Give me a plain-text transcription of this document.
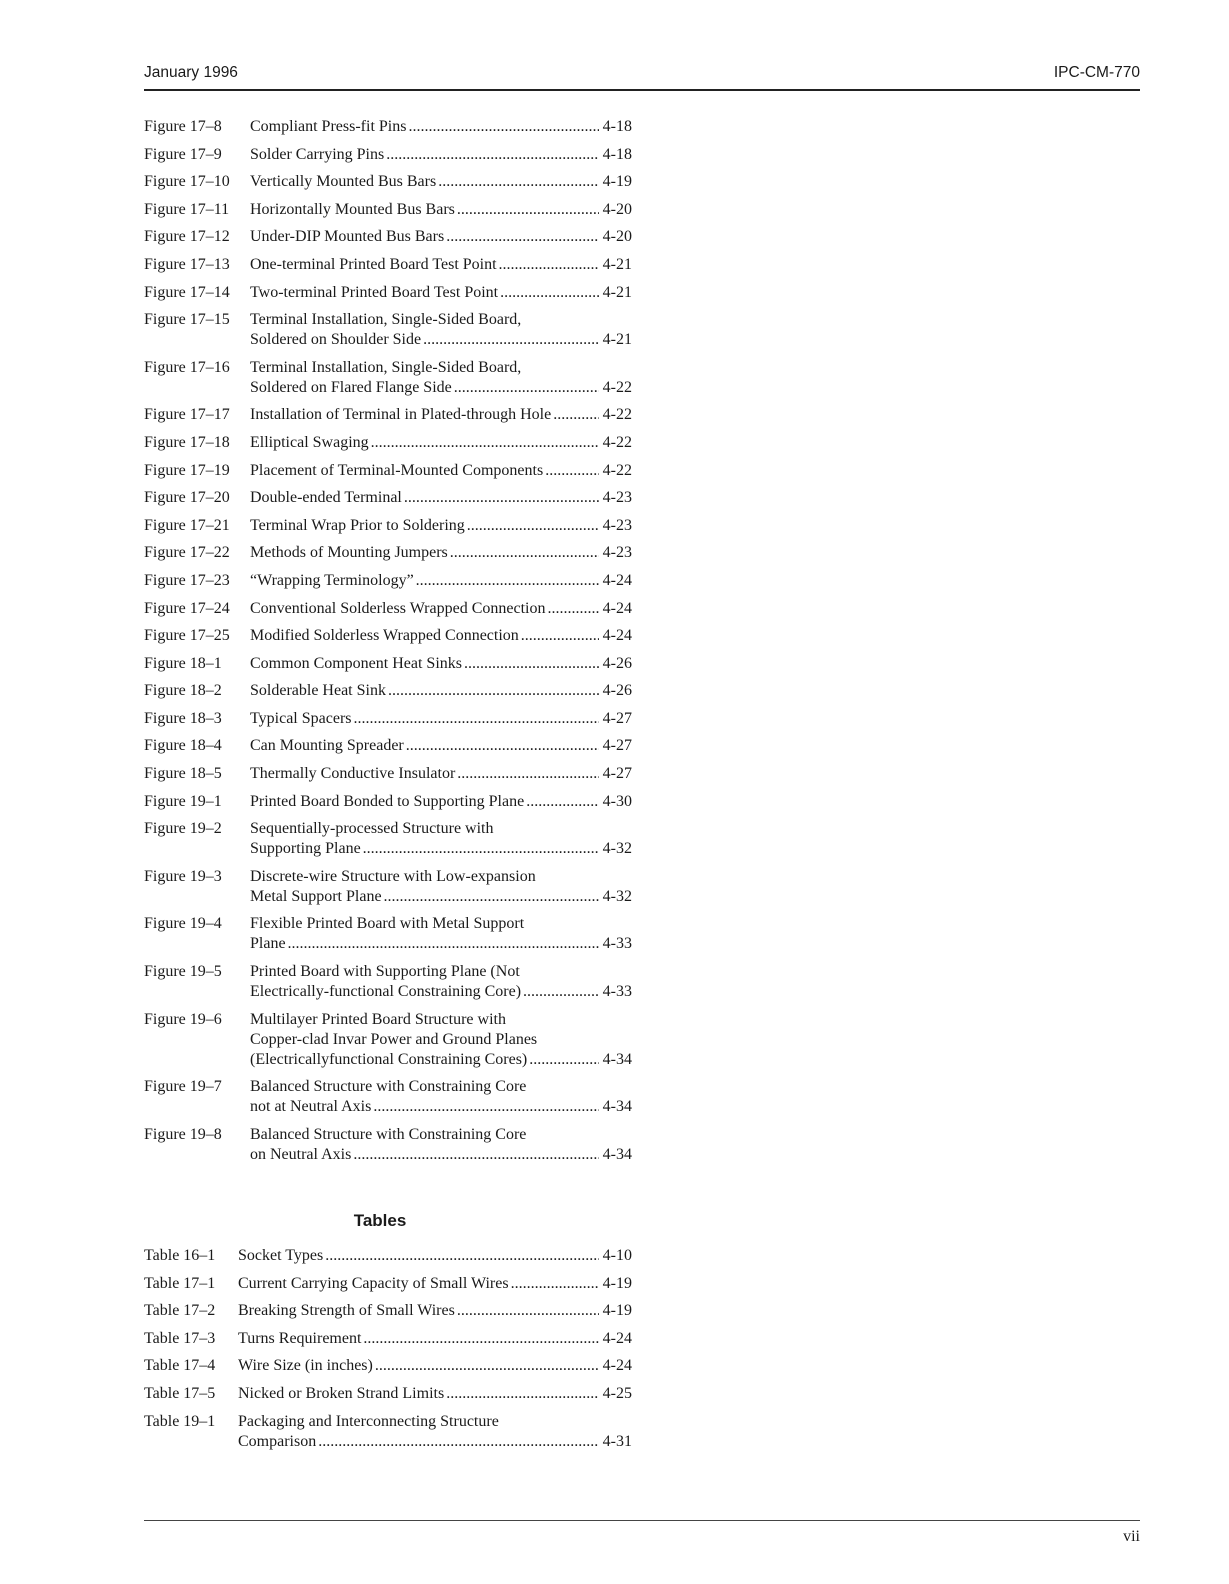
January 1996	IPC-CM-770
Figure 17–8	Compliant Press-fit Pins .....	4-18
Figure 17–9	Solder Carrying Pins .....	4-18
Figure 17–10	Vertically Mounted Bus Bars .....	4-19
Figure 17–11	Horizontally Mounted Bus Bars .....	4-20
Figure 17–12	Under-DIP Mounted Bus Bars .....	4-20
Figure 17–13	One-terminal Printed Board Test Point .....	4-21
Figure 17–14	Two-terminal Printed Board Test Point .....	4-21
Figure 17–15	Terminal Installation, Single-Sided Board,
Soldered on Shoulder Side .....	4-21
Figure 17–16	Terminal Installation, Single-Sided Board,
Soldered on Flared Flange Side .....	4-22
Figure 17–17	Installation of Terminal in Plated-through Hole .....	4-22
Figure 17–18	Elliptical Swaging .....	4-22
Figure 17–19	Placement of Terminal-Mounted Components .....	4-22
Figure 17–20	Double-ended Terminal .....	4-23
Figure 17–21	Terminal Wrap Prior to Soldering .....	4-23
Figure 17–22	Methods of Mounting Jumpers .....	4-23
Figure 17–23	“Wrapping Terminology” .....	4-24
Figure 17–24	Conventional Solderless Wrapped Connection .....	4-24
Figure 17–25	Modified Solderless Wrapped Connection .....	4-24
Figure 18–1	Common Component Heat Sinks .....	4-26
Figure 18–2	Solderable Heat Sink .....	4-26
Figure 18–3	Typical Spacers .....	4-27
Figure 18–4	Can Mounting Spreader .....	4-27
Figure 18–5	Thermally Conductive Insulator .....	4-27
Figure 19–1	Printed Board Bonded to Supporting Plane .....	4-30
Figure 19–2	Sequentially-processed Structure with
Supporting Plane .....	4-32
Figure 19–3	Discrete-wire Structure with Low-expansion
Metal Support Plane .....	4-32
Figure 19–4	Flexible Printed Board with Metal Support
Plane .....	4-33
Figure 19–5	Printed Board with Supporting Plane (Not
Electrically-functional Constraining Core) .....	4-33
Figure 19–6	Multilayer Printed Board Structure with
Copper-clad Invar Power and Ground Planes
(Electricallyfunctional Constraining Cores) .....	4-34
Figure 19–7	Balanced Structure with Constraining Core
not at Neutral Axis .....	4-34
Figure 19–8	Balanced Structure with Constraining Core
on Neutral Axis .....	4-34
Tables
Table 16–1	Socket Types .....	4-10
Table 17–1	Current Carrying Capacity of Small Wires .....	4-19
Table 17–2	Breaking Strength of Small Wires .....	4-19
Table 17–3	Turns Requirement .....	4-24
Table 17–4	Wire Size (in inches) .....	4-24
Table 17–5	Nicked or Broken Strand Limits .....	4-25
Table 19–1	Packaging and Interconnecting Structure
Comparison .....	4-31
vii
